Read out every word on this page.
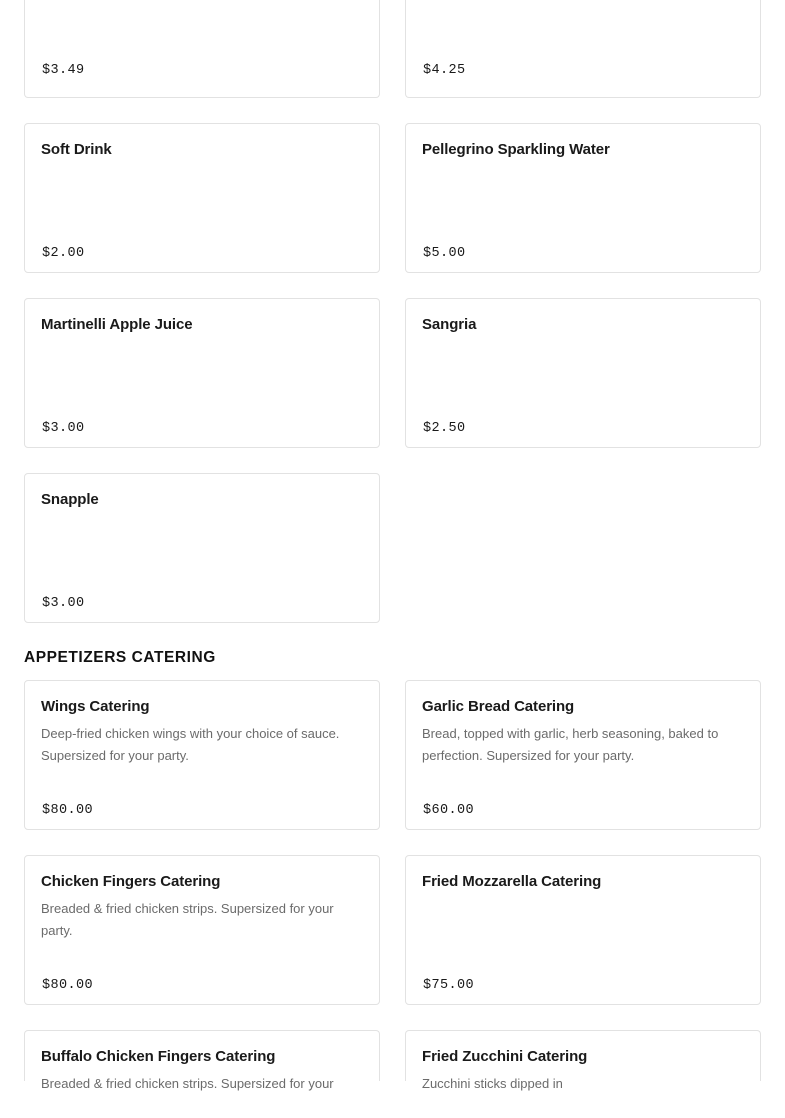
$3.49	$4.25
Soft Drink
$2.00
Pellegrino Sparkling Water
$5.00
Martinelli Apple Juice
$3.00
Sangria
$2.50
Snapple
$3.00
APPETIZERS CATERING
Wings Catering
Deep-fried chicken wings with your choice of sauce. Supersized for your party.
$80.00
Garlic Bread Catering
Bread, topped with garlic, herb seasoning, baked to perfection. Supersized for your party.
$60.00
Chicken Fingers Catering
Breaded & fried chicken strips. Supersized for your party.
$80.00
Fried Mozzarella Catering
$75.00
Buffalo Chicken Fingers Catering
Breaded & fried chicken strips. Supersized for your
Fried Zucchini Catering
Zucchini sticks dipped in
